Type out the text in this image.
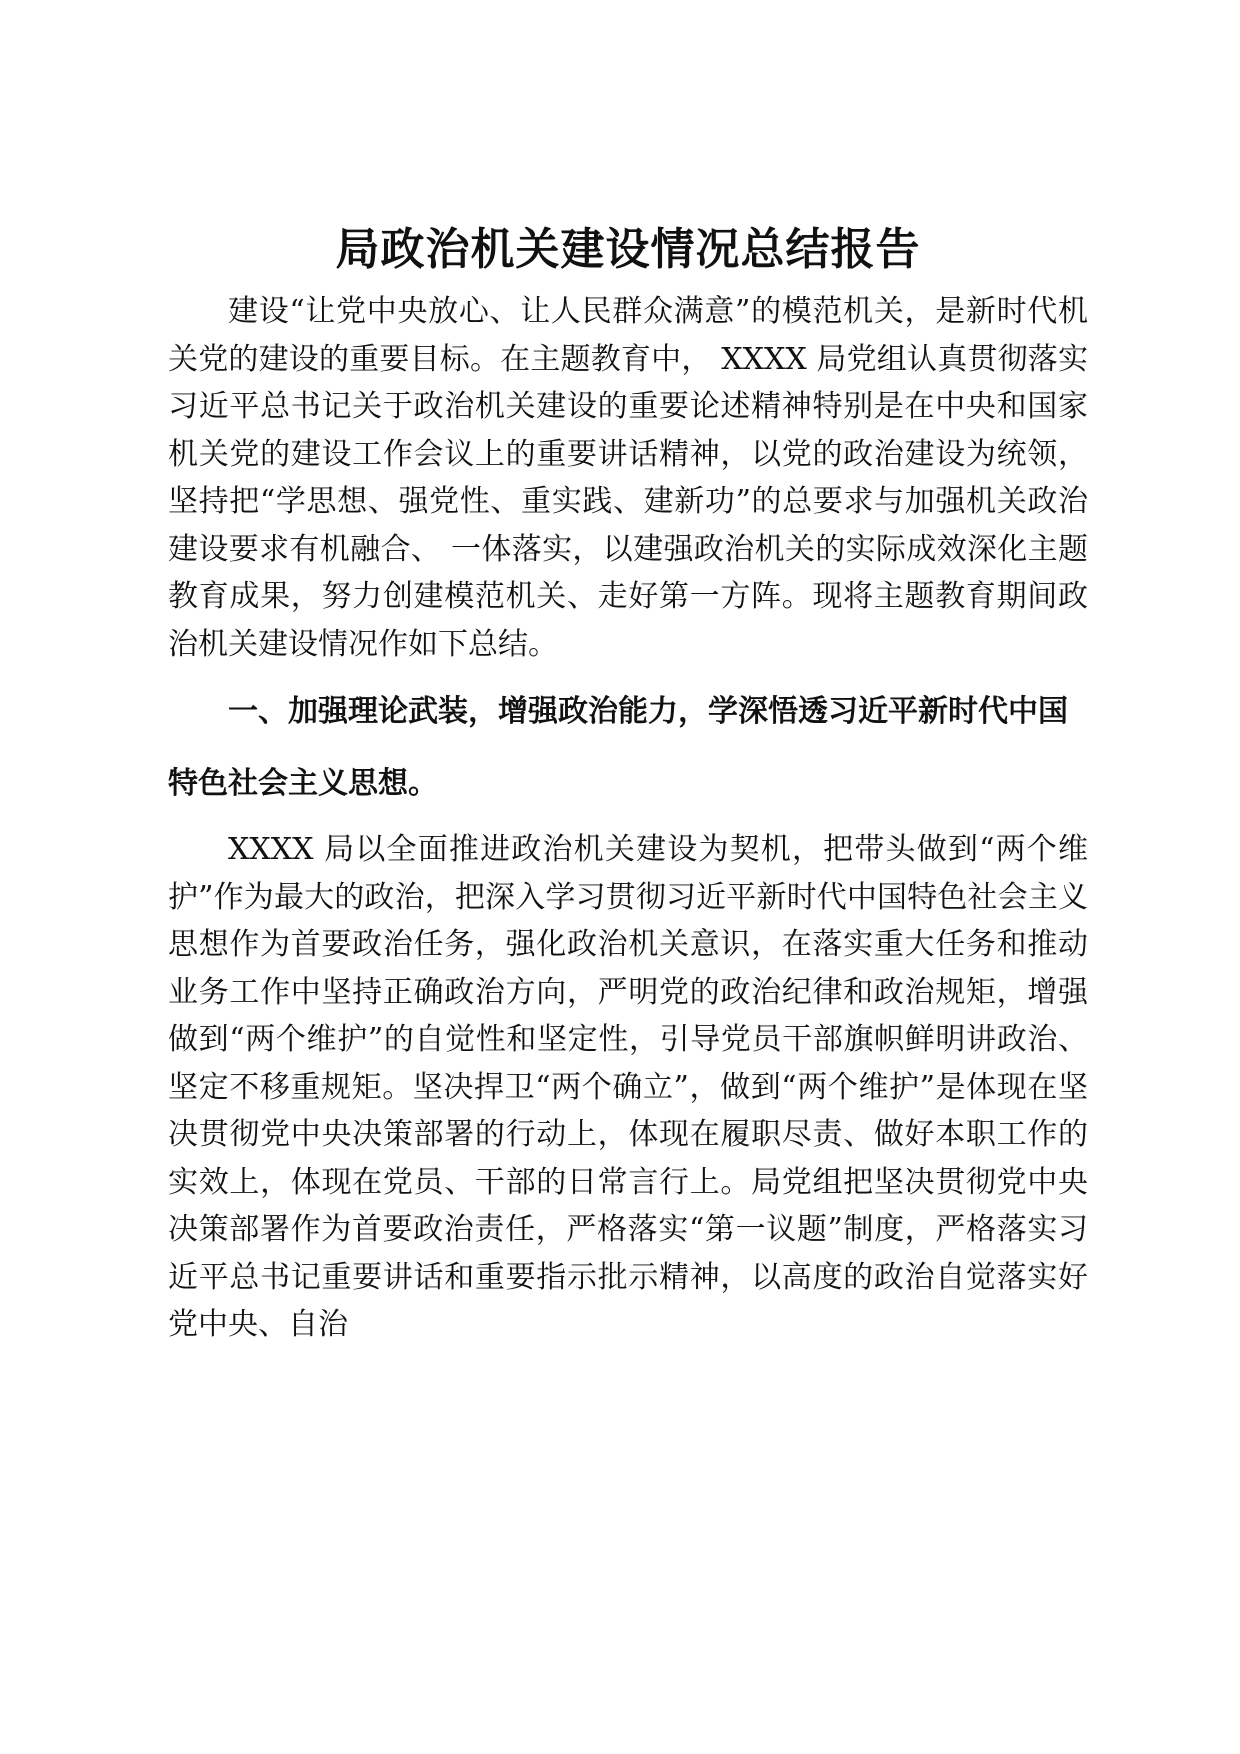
局政治机关建设情况总结报告

建设“让党中央放心、让人民群众满意”的模范机关，是新时代机关党的建设的重要目标。在主题教育中， XXXX 局党组认真贯彻落实习近平总书记关于政治机关建设的重要论述精神特别是在中央和国家机关党的建设工作会议上的重要讲话精神，以党的政治建设为统领，坚持把“学思想、强党性、重实践、建新功”的总要求与加强机关政治建设要求有机融合、 一体落实，以建强政治机关的实际成效深化主题教育成果，努力创建模范机关、走好第一方阵。现将主题教育期间政治机关建设情况作如下总结。

一、加强理论武装，增强政治能力，学深悟透习近平新时代中国特色社会主义思想。

XXXX 局以全面推进政治机关建设为契机，把带头做到“两个维护”作为最大的政治，把深入学习贯彻习近平新时代中国特色社会主义思想作为首要政治任务，强化政治机关意识，在落实重大任务和推动业务工作中坚持正确政治方向，严明党的政治纪律和政治规矩，增强做到“两个维护”的自觉性和坚定性，引导党员干部旗帜鲜明讲政治、坚定不移重规矩。坚决捍卫“两个确立”，做到“两个维护”是体现在坚决贯彻党中央决策部署的行动上，体现在履职尽责、做好本职工作的实效上，体现在党员、干部的日常言行上。局党组把坚决贯彻党中央决策部署作为首要政治责任，严格落实“第一议题”制度，严格落实习近平总书记重要讲话和重要指示批示精神，以高度的政治自觉落实好党中央、自治
